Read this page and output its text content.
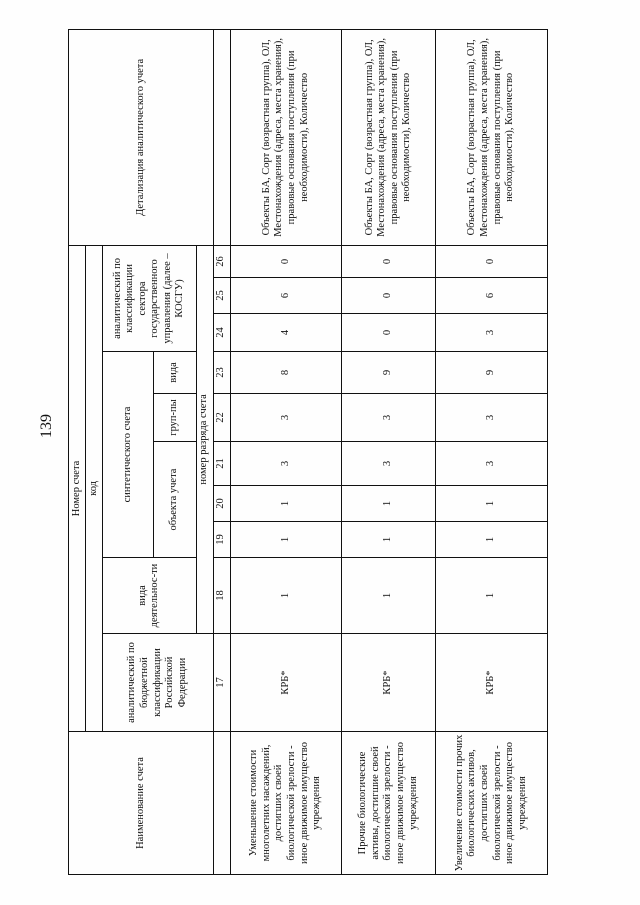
139
Наименование счета	Номер счета										Детализация аналитического учета
	код										
	аналитический по бюджетной классификации Российской Федерации	вида деятельнос-ти	синтетического счета					аналитический по классификации сектора государственного управления (далее – КОСГУ)			
			объекта учета			груп-пы	вида				
		номер разряда счета									
	17	18	19	20	21	22	23	24	25	26	
Уменьшение стоимости многолетних насаждений, достигших своей биологической зрелости - иное движимое имущество учреждения	КРБ*	1	1	1	3	3	8	4	6	0	Объекты БА, Сорт (возрастная группа), ОЛ, Местонахождения (адреса, места хранения), правовые основания поступления (при необходимости), Количество
Прочие биологические активы, достигшие своей биологической зрелости - иное движимое имущество учреждения	КРБ*	1	1	1	3	3	9	0	0	0	Объекты БА, Сорт (возрастная группа), ОЛ, Местонахождения (адреса, места хранения), правовые основания поступления (при необходимости), Количество
Увеличение стоимости прочих биологических активов, достигших своей биологической зрелости - иное движимое имущество учреждения	КРБ*	1	1	1	3	3	9	3	6	0	Объекты БА, Сорт (возрастная группа), ОЛ, Местонахождения (адреса, места хранения), правовые основания поступления (при необходимости), Количество
